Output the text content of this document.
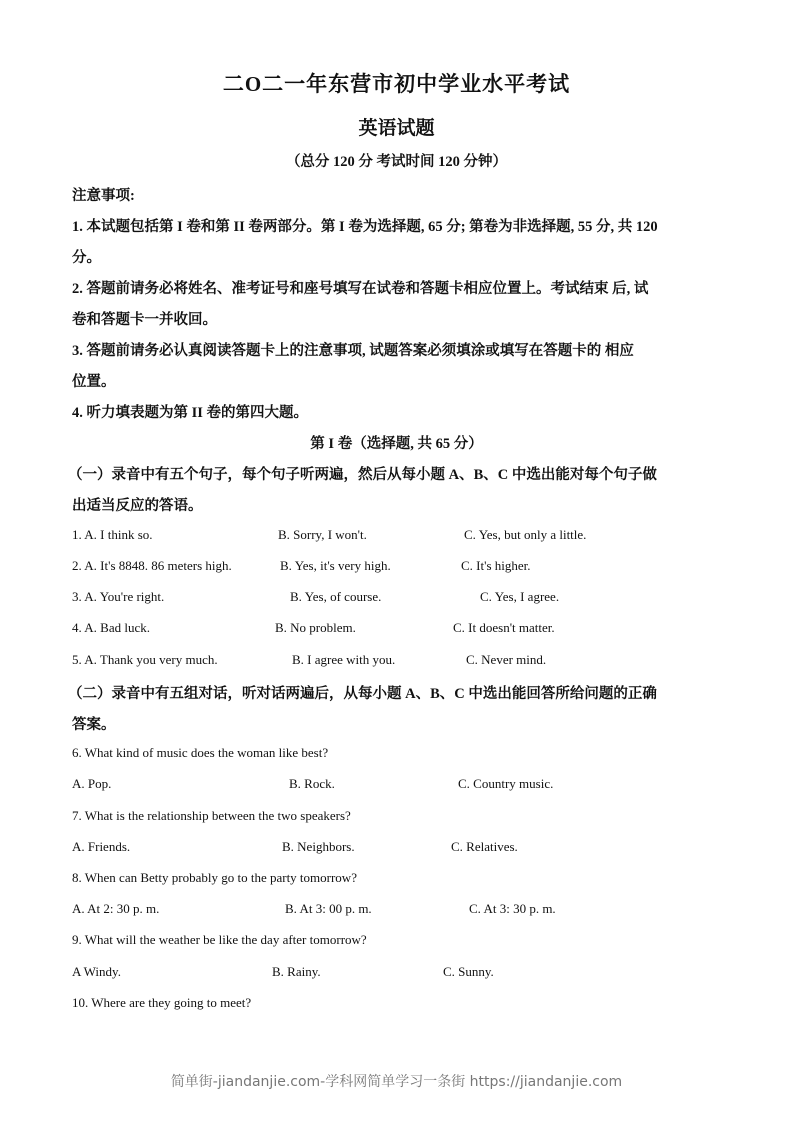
二O二一年东营市初中学业水平考试
英语试题
（总分 120 分 考试时间 120 分钟）
注意事项:
1. 本试题包括第 I 卷和第 II 卷两部分。第 I 卷为选择题, 65 分; 第卷为非选择题, 55 分, 共 120
分。
2. 答题前请务必将姓名、准考证号和座号填写在试卷和答题卡相应位置上。考试结束 后, 试
卷和答题卡一并收回。
3. 答题前请务必认真阅读答题卡上的注意事项, 试题答案必须填涂或填写在答题卡的 相应
位置。
4. 听力填表题为第 II 卷的第四大题。
第 I 卷（选择题, 共 65 分）
（一）录音中有五个句子，每个句子听两遍，然后从每小题 A、B、C 中选出能对每个句子做
出适当反应的答语。
1. A. I think so.	B. Sorry, I won't.	C. Yes, but only a little.
2. A. It's 8848. 86 meters high.	B. Yes, it's very high.	C. It's higher.
3. A. You're right.	B. Yes, of course.	C. Yes, I agree.
4. A. Bad luck.	B. No problem.	C. It doesn't matter.
5. A. Thank you very much.	B. I agree with you.	C. Never mind.
（二）录音中有五组对话，听对话两遍后，从每小题 A、B、C 中选出能回答所给问题的正确
答案。
6. What kind of music does the woman like best?
A. Pop.	B. Rock.	C. Country music.
7. What is the relationship between the two speakers?
A. Friends.	B. Neighbors.	C. Relatives.
8. When can Betty probably go to the party tomorrow?
A. At 2: 30 p. m.	B. At 3: 00 p. m.	C. At 3: 30 p. m.
9. What will the weather be like the day after tomorrow?
A Windy.	B. Rainy.	C. Sunny.
10. Where are they going to meet?
简单街-jiandanjie.com-学科网简单学习一条街 https://jiandanjie.com
